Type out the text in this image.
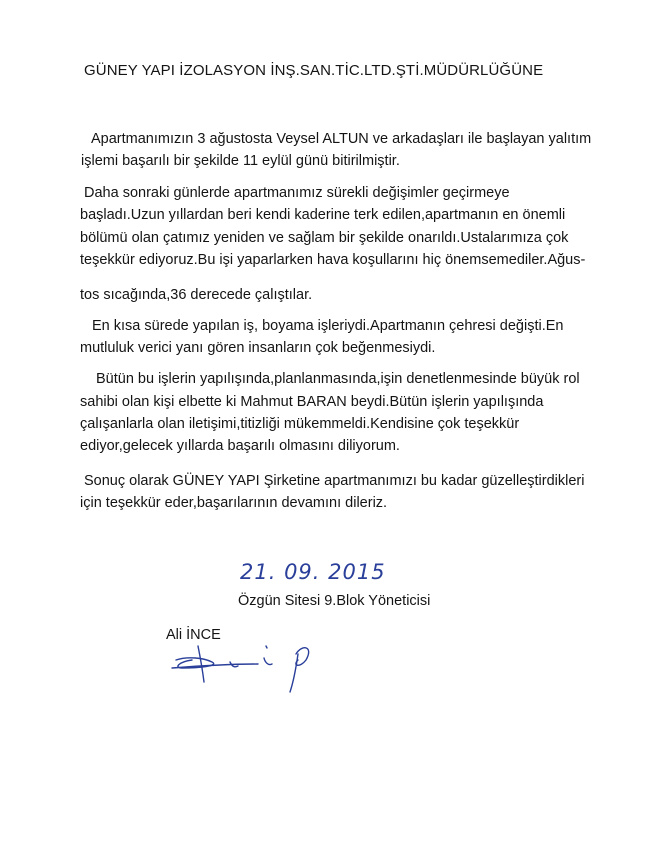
GÜNEY YAPI İZOLASYON İNŞ.SAN.TİC.LTD.ŞTİ.MÜDÜRLÜĞÜNE
Apartmanımızın 3 ağustosta Veysel ALTUN ve arkadaşları ile başlayan yalıtım
işlemi başarılı bir şekilde 11 eylül günü bitirilmiştir.
Daha sonraki günlerde apartmanımız sürekli değişimler geçirmeye
başladı.Uzun yıllardan beri kendi kaderine terk edilen,apartmanın en önemli
bölümü olan çatımız yeniden ve sağlam bir şekilde onarıldı.Ustalarımıza çok
teşekkür ediyoruz.Bu işi yaparlarken hava koşullarını hiç önemsemediler.Ağus-
tos sıcağında,36 derecede çalıştılar.
En kısa sürede yapılan iş, boyama işleriydi.Apartmanın çehresi değişti.En
mutluluk verici yanı gören insanların çok beğenmesiydi.
Bütün bu işlerin yapılışında,planlanmasında,işin denetlenmesinde büyük rol
sahibi olan kişi elbette ki Mahmut BARAN beydi.Bütün işlerin yapılışında
çalışanlarla olan iletişimi,titizliği mükemmeldi.Kendisine çok teşekkür
ediyor,gelecek yıllarda başarılı olmasını diliyorum.
Sonuç olarak GÜNEY YAPI Şirketine apartmanımızı bu kadar güzelleştirdikleri
için teşekkür eder,başarılarının devamını dileriz.
21. 09. 2015
Özgün Sitesi 9.Blok Yöneticisi
Ali İNCE
